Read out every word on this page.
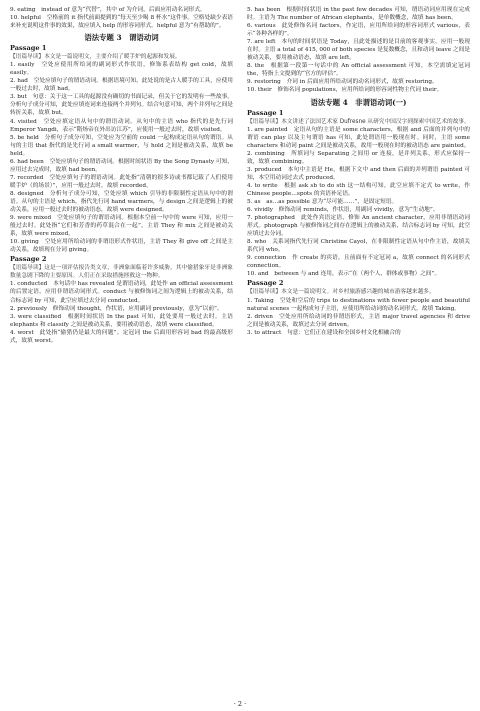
9. eating　instead of 意为“代替”，其中 of 为介词，后面应用动名词形式。
10. helpful　空格前的 it 指代前面提到的“每天至少喝 8 杯水”这件事。空格处缺少表语来补充说明这件事的效果，故应填入 help 的形容词形式。helpful 意为“有帮助的”。
语法专题 3　谓语动词
Passage 1
【语篇导读】本文是一篇说明文，主要介绍了暖手炉的起源和发展。
1. easily　空处应使用所给词的副词形式作状语，修饰系表结构 get cold，故填 easily。
2. had　空处应填句子的谓语动词。根据语境可知，此处说的是古人暖手的工具，应使用一般过去时，故填 had。
3. but　句意：关于这一工具的起源没有确切的书面记录，但关于它的发明有一些故事。分析句子成分可知，此处应填连词来连接两个并列句。结合句意可知，两个并列句之间是转折关系，故填 but。
4. visited　空处应填定语从句中的谓语动词。从句中的主语 who 指代的是先行词 Emperor Yangdi，表示“隋炀帝在外出访江苏”，应使用一般过去时，故填 visited。
5. be held　分析句子成分可知，空处应为空前的 could 一起构成定语从句的谓语。从句的主语 that 指代的是先行词 a small warmer，与 hold 之间是被动关系，故填 be held。
6. had been　空处应填句子的谓语动词。根据时间状语 By the Song Dynasty 可知，应用过去完成时，故填 had been。
7. recorded　空处应填句子的谓语动词。此处指“清朝的很多诗或书都记载了人们使用暖手炉（的场景）”，应用一般过去时，故填 recorded。
8. designed　分析句子成分可知，空处应填 which 引导的非限制性定语从句中的谓语。从句的主语是 which，指代先行词 hand warmers，与 design 之间是逻辑上的被动关系，应用一般过去时的被动语态，故填 were designed。
9. were mixed　空处应填句子的谓语动词。根据本空前一句中的 were 可知，应用一般过去时。此处指“它们和芳香的药草混合在一起”，主语 They 和 mix 之间是被动关系，故填 were mixed。
10. giving　空处应用所给动词的非谓语形式作状语，主语 They 和 give off 之间是主动关系，故填现在分词 giving。
Passage 2
【语篇导读】这是一项评估报告类文章，非洲象面临着许多威胁，其中偷猎象牙是非洲象数量急剧下降的主要原因。人们正在采取措施拯救这一物种。
1. conducted　本句话中 has revealed 是谓语动词，此处作 an official assessment 的后置定语，应用非谓语动词形式。conduct 与被修饰词之间为逻辑上的被动关系，结合标志词 by 可知，此空应填过去分词 conducted。
2. previously　修饰动词 thought，作状语，应用副词 previously，意为“以前”。
3. were classified　根据时间状语 In the past 可知，此处要用一般过去时。主语 elephants 和 classify 之间是被动关系，要用被动语态，故填 were classified。
4. worst　此处指“偷猎仍是最大的问题”。定冠词 the 后面用形容词 bad 的最高级形式，故填 worst。
5. has been　根据时间状语 in the past few decades 可知，谓语动词应用现在完成时。主语为 The number of African elephants，是单数概念，故填 has been。
6. various　此处修饰名词 factors，作定语，应用所给词的形容词形式 various，表示“各种各样的”。
7. are left　本句的时间状语是 Today，且此处描述的是目前的客观事实，应用一般现在时。主语 a total of 415, 000 of both species 是复数概念，且和动词 leave 之间是被动关系，要用被动语态，故填 are left。
8. the　根据第一段第一句话中的 An official assessment 可知，本空需填定冠词 the，特指上文提到的“官方的评估”。
9. restoring　介词 in 后面应用所给动词的动名词形式，故填 restoring。
10. their　修饰名词 populations，应用所给词的形容词性物主代词 their。
语法专题 4　非谓语动词(一)
Passage 1
【语篇导读】本文讲述了法国艺术家 Dufresne 从研究中国汉字到探索中国艺术的故事。
1. are painted　定语从句的主语是 some characters，根据 and 后面的并列句中的谓语 can play 以及主句谓语 has 可知，此处谓语用一般现在时。同时，主语 some characters 和动词 paint 之间是被动关系，故用一般现在时的被动语态 are painted。
2. combining　所填词与 Separating 之间用 or 连接，是并列关系，形式应保持一致，故填 combining。
3. produced　本句中主语是 He，根据下文中 and then 后面的并列谓语 painted 可知，本空用动词过去式 produced。
4. to write　根据 ask sb to do sth 这一结构可知，此空应填不定式 to write，作 Chinese people…spots 的宾语补足语。
5. as　as…as possible 意为“尽可能……”，是固定短语。
6. vividly　修饰动词 reminds，作状语，用副词 vividly，意为“生动地”。
7. photographed　此处作宾语定语，修饰 An ancient character，应用非谓语动词形式。photograph 与被修饰词之间存在逻辑上的被动关系，结合标志词 by 可知，此空应填过去分词。
8. who　关系词指代先行词 Christine Cayol，在非限制性定语从句中作主语，故填关系代词 who。
9. connection　作 create 的宾语，且前面有不定冠词 a，故填 connect 的名词形式 connection。
10. and　between 与 and 连用，表示“在（两个人、群体或事物）之间”。
Passage 2
【语篇导读】本文是一篇说明文。对乡村旅游感兴趣的城市游客越来越多。
1. Taking　空处和空后的 trips to destinations with fewer people and beautiful natural scenes 一起构成句子主语，应使用所给动词的动名词形式，故填 Taking。
2. driven　空处应用所给动词的非谓语形式，主语 major travel agencies 和 drive 之间是被动关系，故填过去分词 driven。
3. to attract　句意：它们正在建设和全国乡村文化相融合的
· 2 ·
